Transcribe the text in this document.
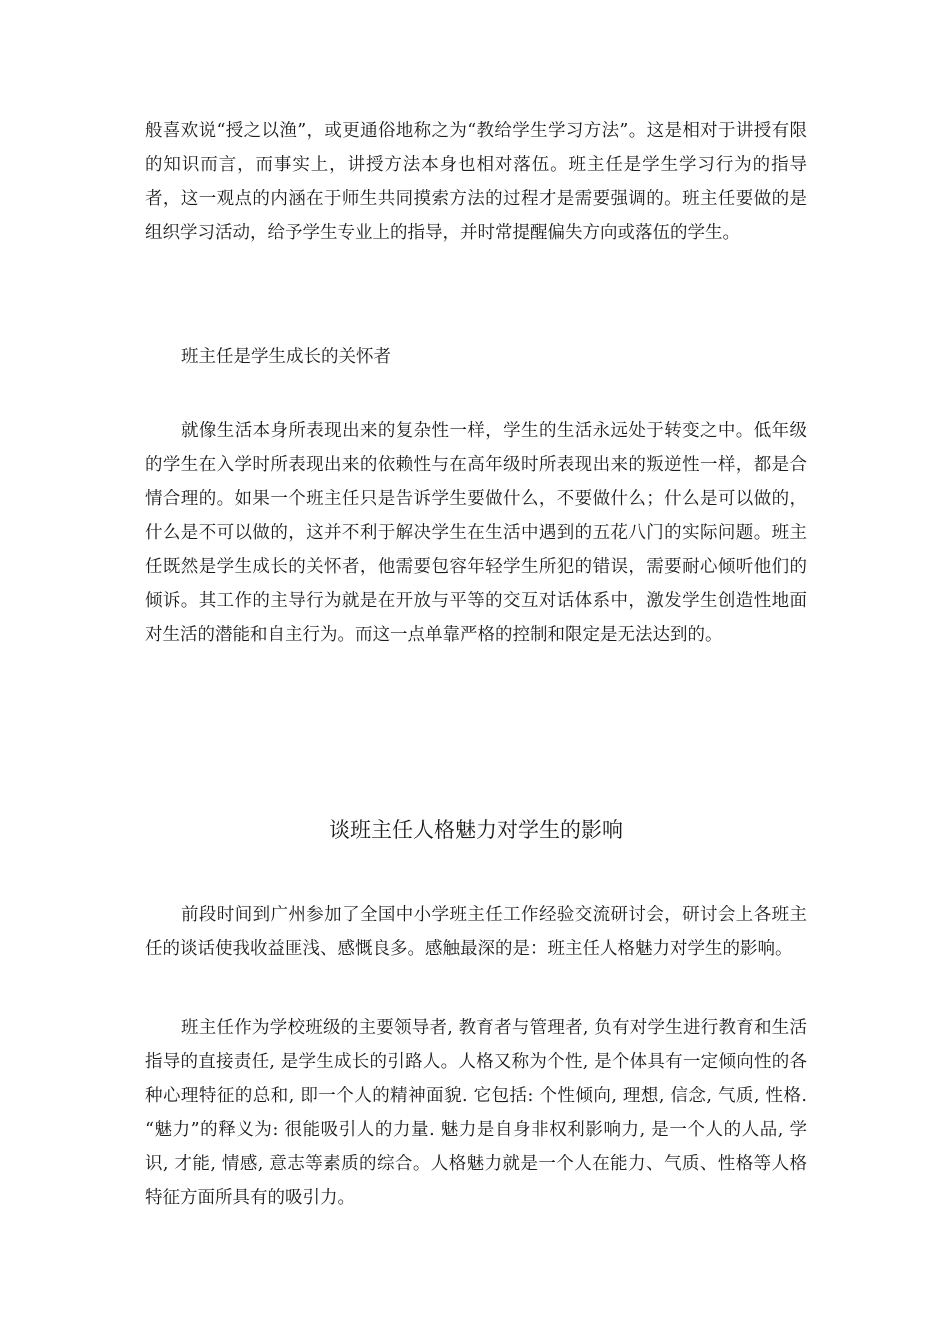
般喜欢说“授之以渔”，或更通俗地称之为“教给学生学习方法”。这是相对于讲授有限的知识而言，而事实上，讲授方法本身也相对落伍。班主任是学生学习行为的指导者，这一观点的内涵在于师生共同摸索方法的过程才是需要强调的。班主任要做的是组织学习活动，给予学生专业上的指导，并时常提醒偏失方向或落伍的学生。

班主任是学生成长的关怀者

就像生活本身所表现出来的复杂性一样，学生的生活永远处于转变之中。低年级的学生在入学时所表现出来的依赖性与在高年级时所表现出来的叛逆性一样，都是合情合理的。如果一个班主任只是告诉学生要做什么，不要做什么；什么是可以做的，什么是不可以做的，这并不利于解决学生在生活中遇到的五花八门的实际问题。班主任既然是学生成长的关怀者，他需要包容年轻学生所犯的错误，需要耐心倾听他们的倾诉。其工作的主导行为就是在开放与平等的交互对话体系中，激发学生创造性地面对生活的潜能和自主行为。而这一点单靠严格的控制和限定是无法达到的。

谈班主任人格魅力对学生的影响

前段时间到广州参加了全国中小学班主任工作经验交流研讨会，研讨会上各班主任的谈话使我收益匪浅、感慨良多。感触最深的是：班主任人格魅力对学生的影响。

班主任作为学校班级的主要领导者, 教育者与管理者, 负有对学生进行教育和生活指导的直接责任, 是学生成长的引路人。人格又称为个性, 是个体具有一定倾向性的各种心理特征的总和, 即一个人的精神面貌. 它包括: 个性倾向, 理想, 信念, 气质, 性格. “魅力”的释义为: 很能吸引人的力量. 魅力是自身非权利影响力, 是一个人的人品, 学识, 才能, 情感, 意志等素质的综合。人格魅力就是一个人在能力、气质、性格等人格特征方面所具有的吸引力。
